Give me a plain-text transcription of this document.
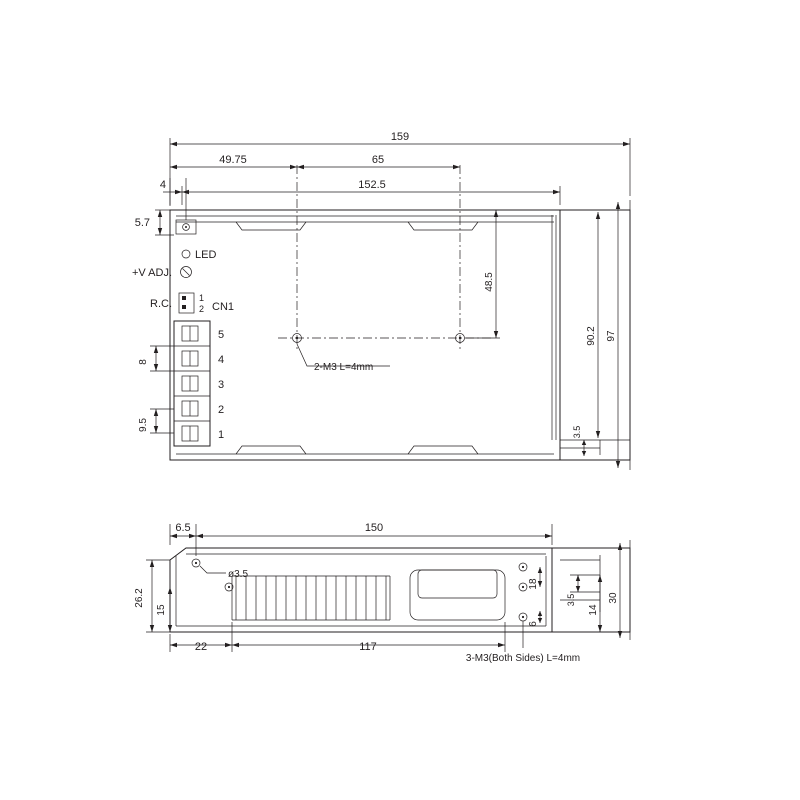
159
49.75	65
152.5
4
5.7
LED
+V ADJ.
R.C.	1
2 CN1
5
4
3
2
1
8
9.5
48.5
90.2 97
3.5
2-M3 L=4mm
6.5	150
26.2
15
22	117
18
6
3.5
14
30
ø3.5
3-M3(Both Sides) L=4mm
